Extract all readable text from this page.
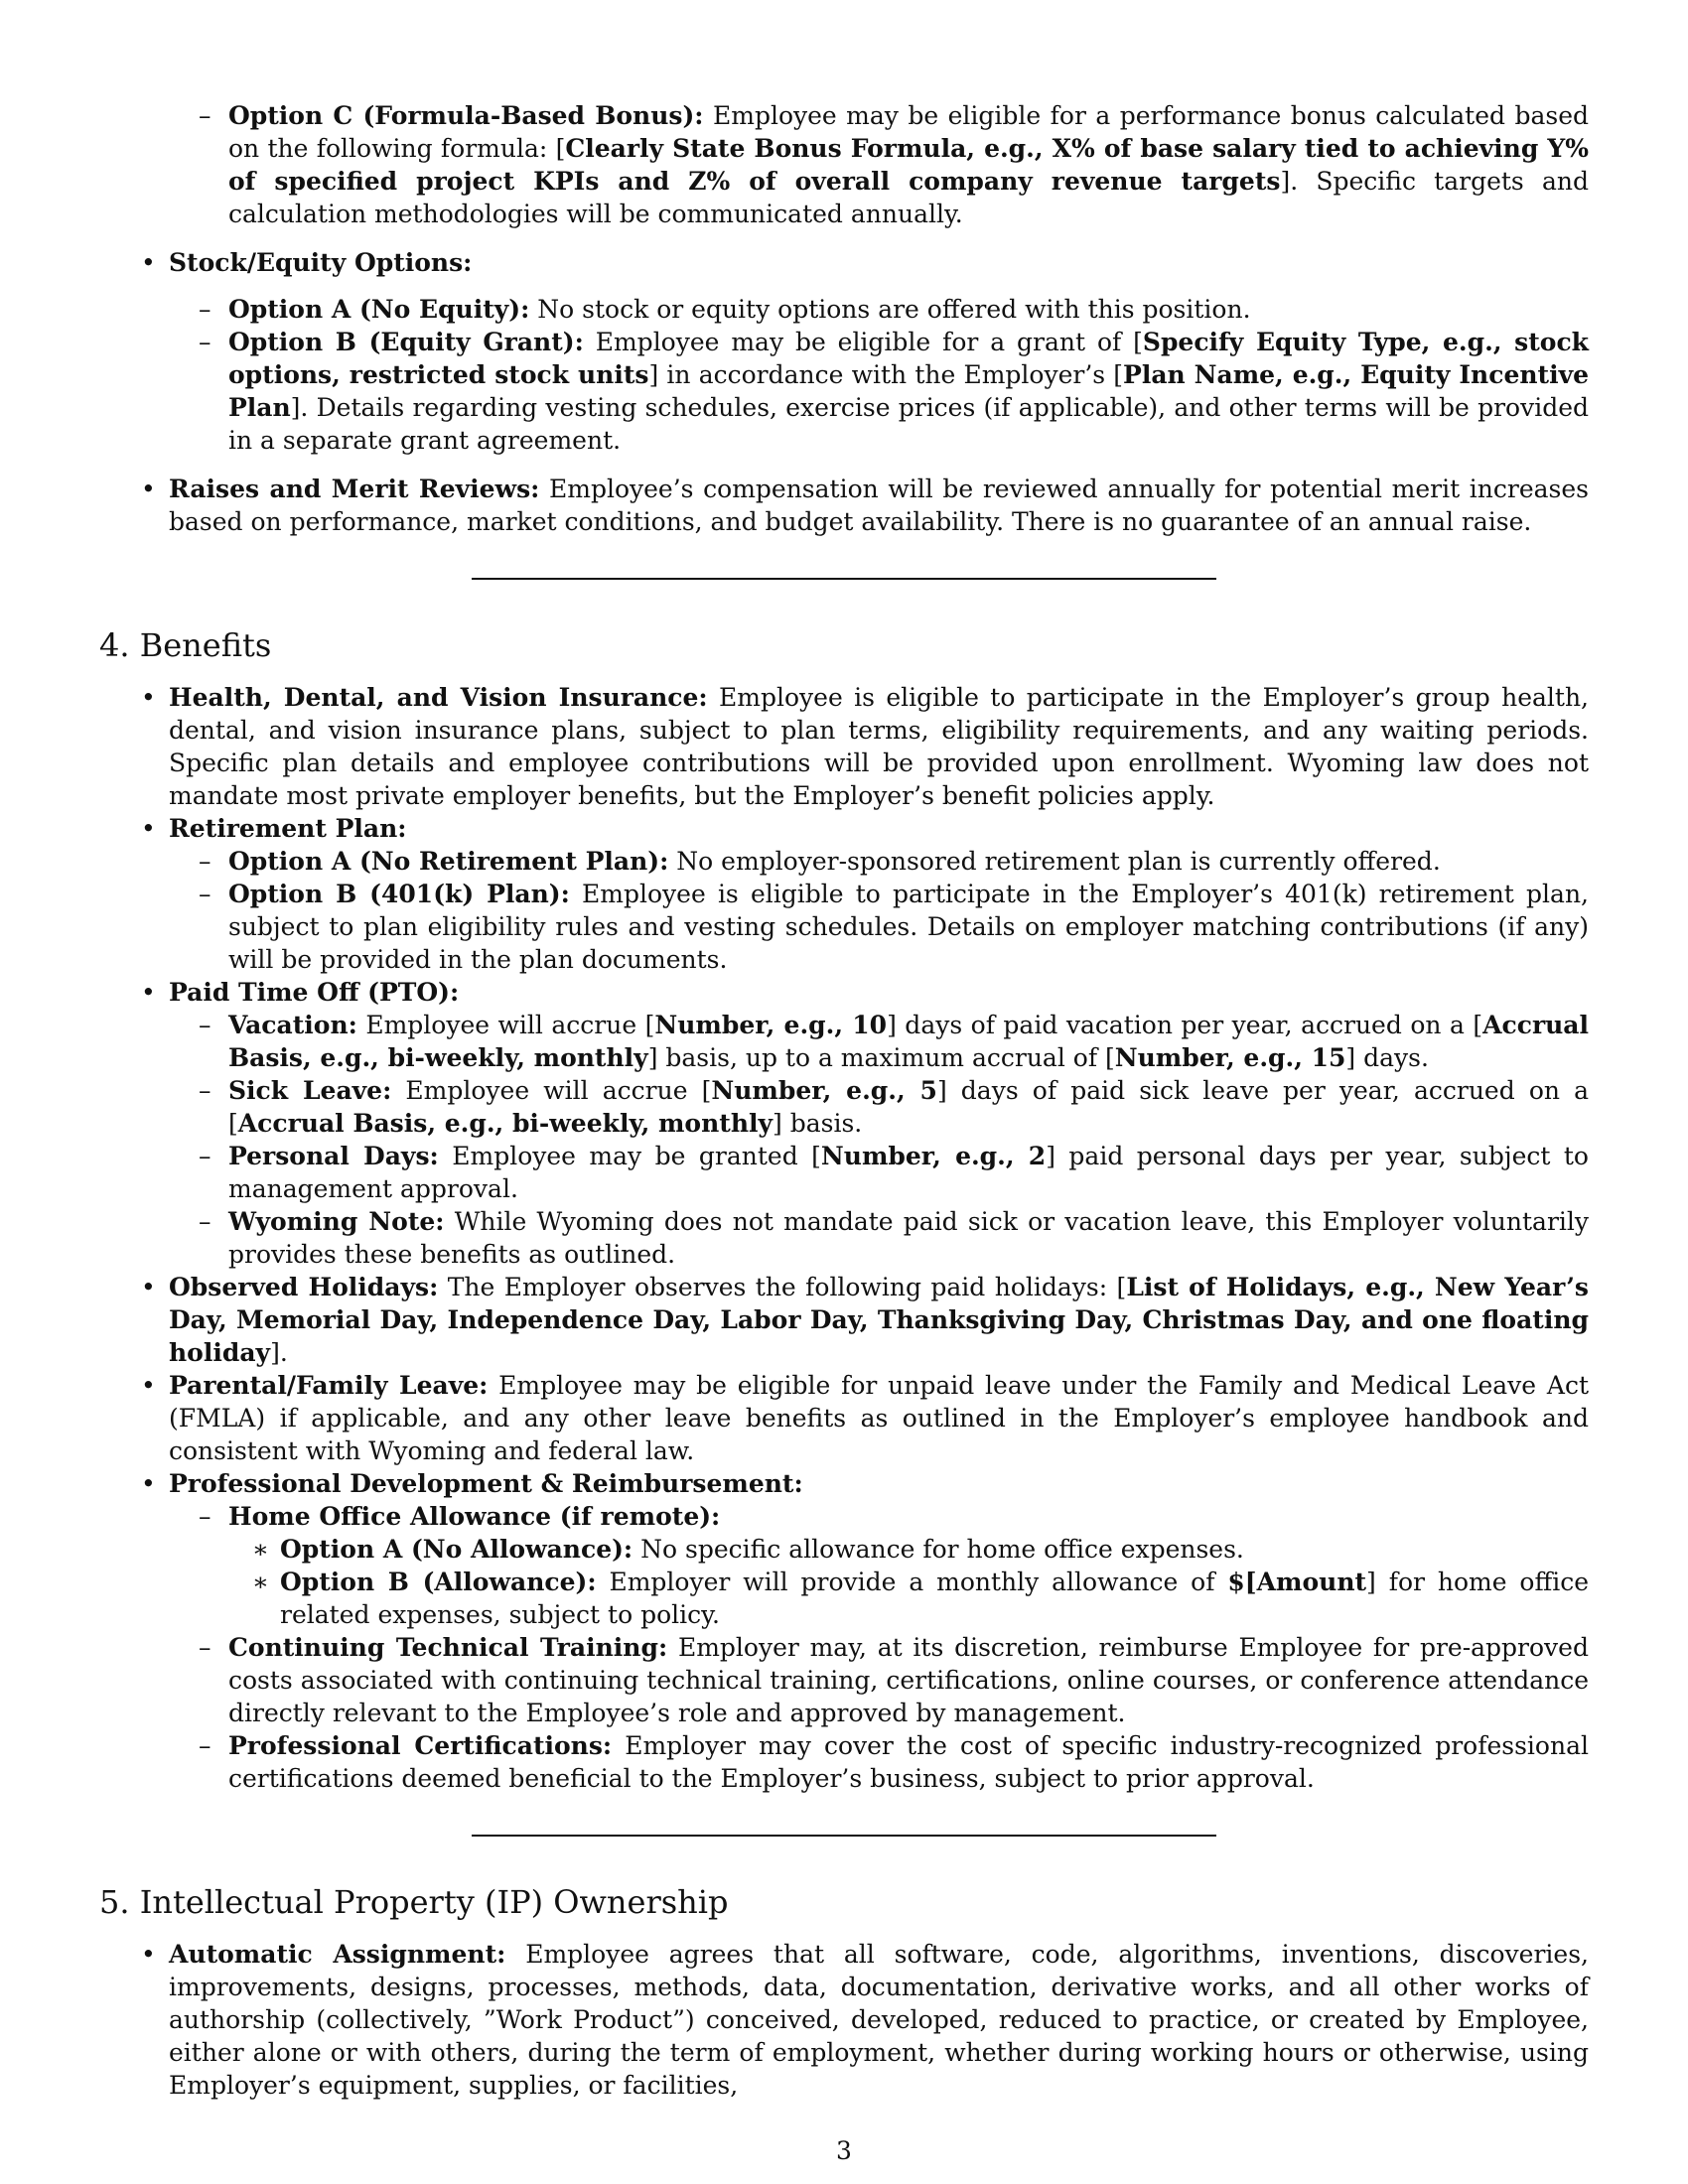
– Option C (Formula-Based Bonus): Employee may be eligible for a performance bonus calculated based on the following formula: [Clearly State Bonus Formula, e.g., X% of base salary tied to achieving Y% of specified project KPIs and Z% of overall company revenue targets]. Specific targets and calculation methodologies will be communicated annually.
• Stock/Equity Options:
– Option A (No Equity): No stock or equity options are offered with this position.
– Option B (Equity Grant): Employee may be eligible for a grant of [Specify Equity Type, e.g., stock options, restricted stock units] in accordance with the Employer’s [Plan Name, e.g., Equity Incentive Plan]. Details regarding vesting schedules, exercise prices (if applicable), and other terms will be provided in a separate grant agreement.
• Raises and Merit Reviews: Employee’s compensation will be reviewed annually for potential merit increases based on performance, market conditions, and budget availability. There is no guarantee of an annual raise.
4. Benefits
• Health, Dental, and Vision Insurance: Employee is eligible to participate in the Employer’s group health, dental, and vision insurance plans, subject to plan terms, eligibility requirements, and any waiting periods. Specific plan details and employee contributions will be provided upon enrollment. Wyoming law does not mandate most private employer benefits, but the Employer’s benefit policies apply.
• Retirement Plan:
– Option A (No Retirement Plan): No employer-sponsored retirement plan is currently offered.
– Option B (401(k) Plan): Employee is eligible to participate in the Employer’s 401(k) retirement plan, subject to plan eligibility rules and vesting schedules. Details on employer matching contributions (if any) will be provided in the plan documents.
• Paid Time Off (PTO):
– Vacation: Employee will accrue [Number, e.g., 10] days of paid vacation per year, accrued on a [Accrual Basis, e.g., bi-weekly, monthly] basis, up to a maximum accrual of [Number, e.g., 15] days.
– Sick Leave: Employee will accrue [Number, e.g., 5] days of paid sick leave per year, accrued on a [Accrual Basis, e.g., bi-weekly, monthly] basis.
– Personal Days: Employee may be granted [Number, e.g., 2] paid personal days per year, subject to management approval.
– Wyoming Note: While Wyoming does not mandate paid sick or vacation leave, this Employer voluntarily provides these benefits as outlined.
• Observed Holidays: The Employer observes the following paid holidays: [List of Holidays, e.g., New Year’s Day, Memorial Day, Independence Day, Labor Day, Thanksgiving Day, Christmas Day, and one floating holiday].
• Parental/Family Leave: Employee may be eligible for unpaid leave under the Family and Medical Leave Act (FMLA) if applicable, and any other leave benefits as outlined in the Employer’s employee handbook and consistent with Wyoming and federal law.
• Professional Development & Reimbursement:
– Home Office Allowance (if remote):
∗ Option A (No Allowance): No specific allowance for home office expenses.
∗ Option B (Allowance): Employer will provide a monthly allowance of $[Amount] for home office related expenses, subject to policy.
– Continuing Technical Training: Employer may, at its discretion, reimburse Employee for pre-approved costs associated with continuing technical training, certifications, online courses, or conference attendance directly relevant to the Employee’s role and approved by management.
– Professional Certifications: Employer may cover the cost of specific industry-recognized professional certifications deemed beneficial to the Employer’s business, subject to prior approval.
5. Intellectual Property (IP) Ownership
• Automatic Assignment: Employee agrees that all software, code, algorithms, inventions, discoveries, improvements, designs, processes, methods, data, documentation, derivative works, and all other works of authorship (collectively, ”Work Product”) conceived, developed, reduced to practice, or created by Employee, either alone or with others, during the term of employment, whether during working hours or otherwise, using Employer’s equipment, supplies, or facilities,
3
